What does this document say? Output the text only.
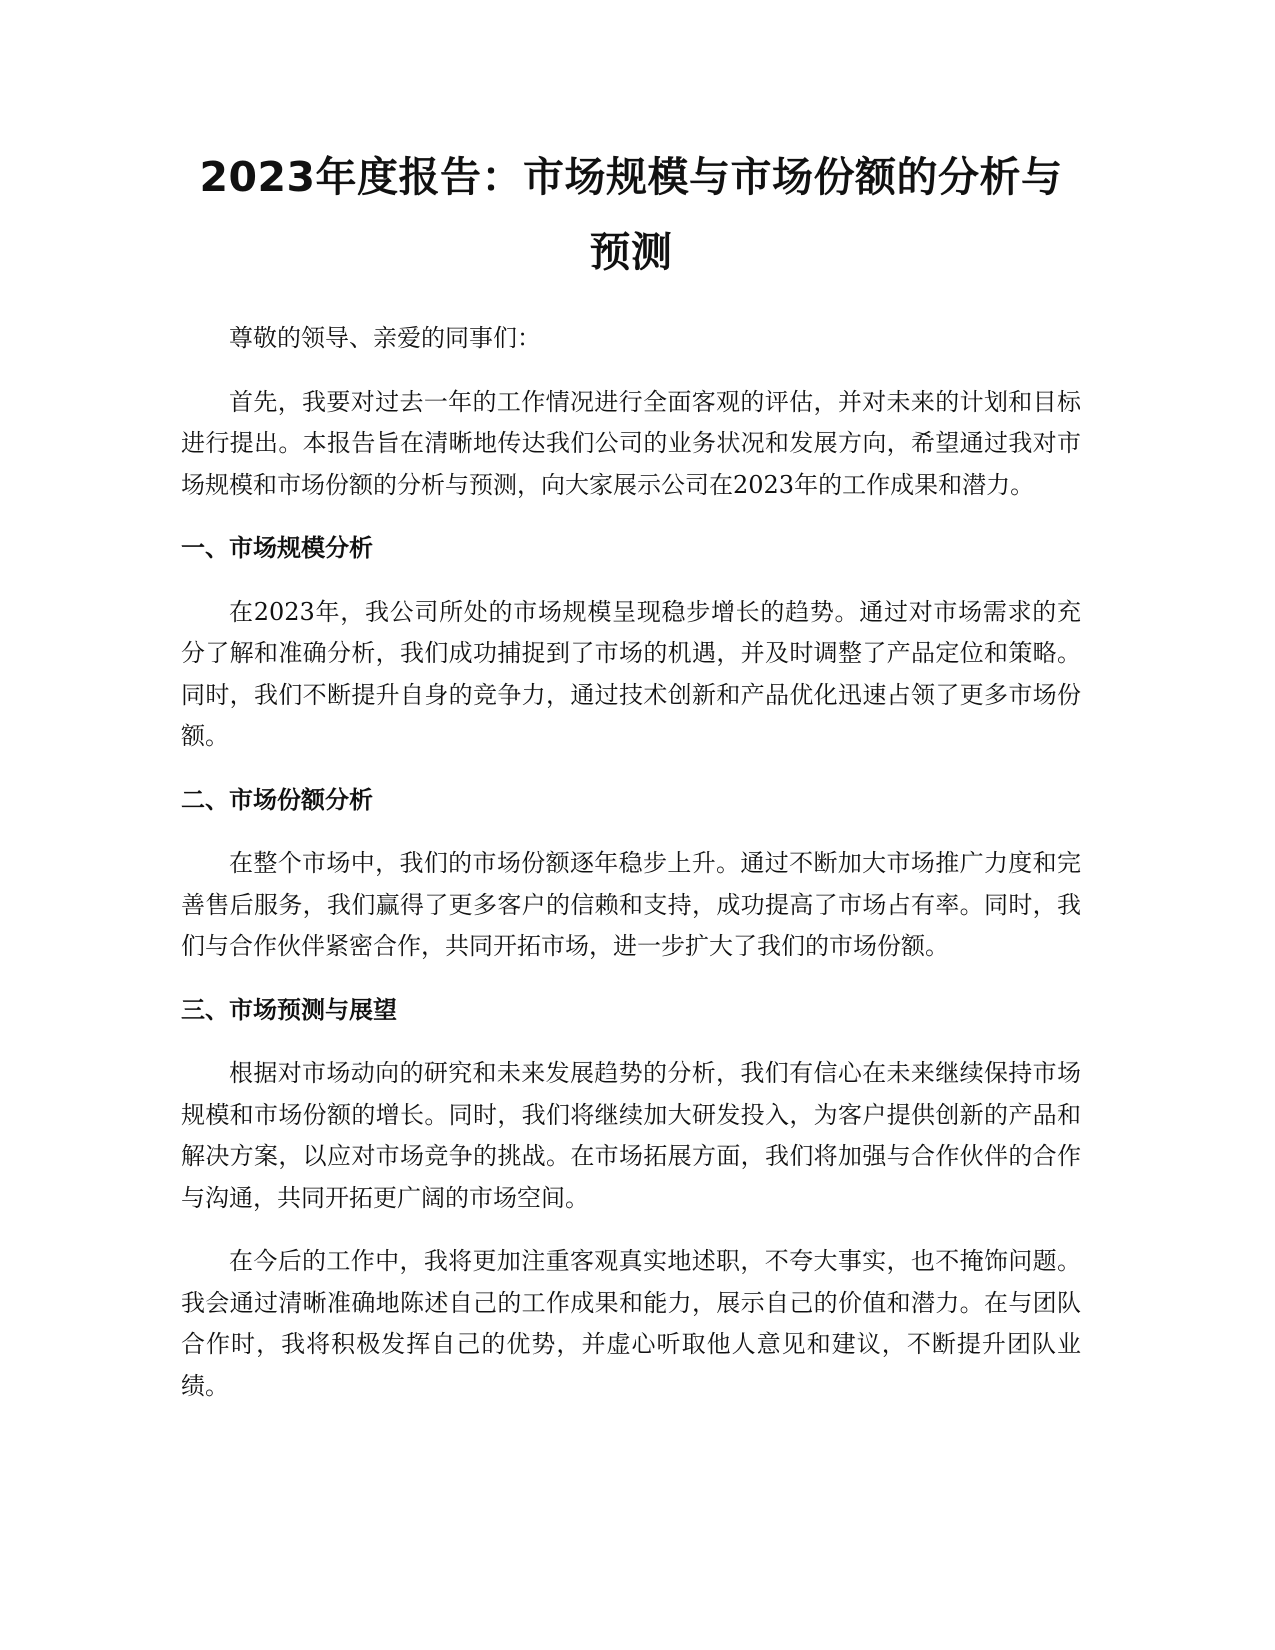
2023年度报告：市场规模与市场份额的分析与预测

尊敬的领导、亲爱的同事们：

首先，我要对过去一年的工作情况进行全面客观的评估，并对未来的计划和目标进行提出。本报告旨在清晰地传达我们公司的业务状况和发展方向，希望通过我对市场规模和市场份额的分析与预测，向大家展示公司在2023年的工作成果和潜力。

一、市场规模分析

在2023年，我公司所处的市场规模呈现稳步增长的趋势。通过对市场需求的充分了解和准确分析，我们成功捕捉到了市场的机遇，并及时调整了产品定位和策略。同时，我们不断提升自身的竞争力，通过技术创新和产品优化迅速占领了更多市场份额。

二、市场份额分析

在整个市场中，我们的市场份额逐年稳步上升。通过不断加大市场推广力度和完善售后服务，我们赢得了更多客户的信赖和支持，成功提高了市场占有率。同时，我们与合作伙伴紧密合作，共同开拓市场，进一步扩大了我们的市场份额。

三、市场预测与展望

根据对市场动向的研究和未来发展趋势的分析，我们有信心在未来继续保持市场规模和市场份额的增长。同时，我们将继续加大研发投入，为客户提供创新的产品和解决方案，以应对市场竞争的挑战。在市场拓展方面，我们将加强与合作伙伴的合作与沟通，共同开拓更广阔的市场空间。

在今后的工作中，我将更加注重客观真实地述职，不夸大事实，也不掩饰问题。我会通过清晰准确地陈述自己的工作成果和能力，展示自己的价值和潜力。在与团队合作时，我将积极发挥自己的优势，并虚心听取他人意见和建议，不断提升团队业绩。
